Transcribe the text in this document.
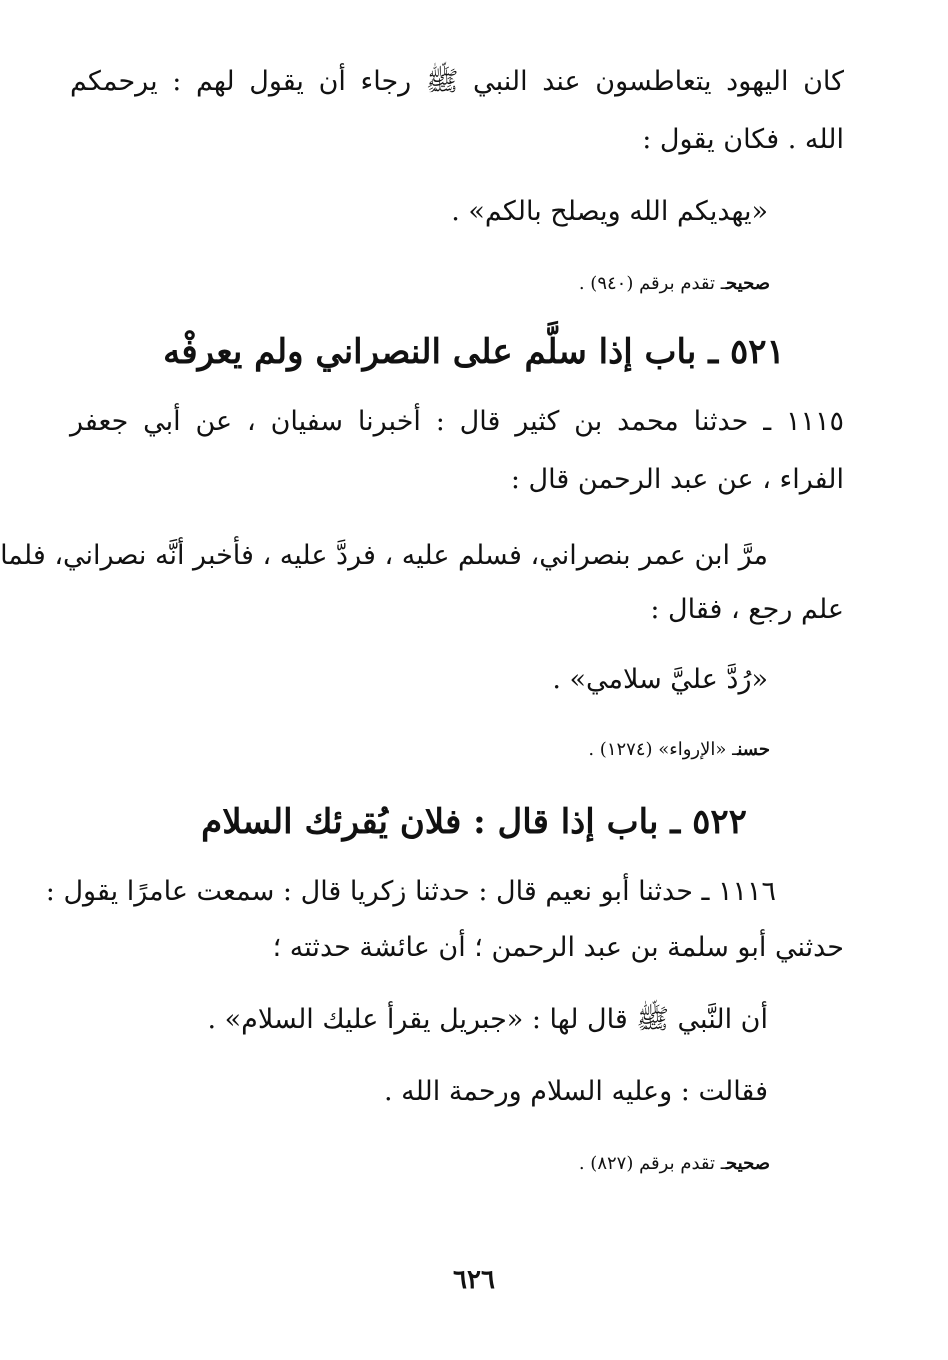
كان اليهود يتعاطسون عند النبي ﷺ رجاء أن يقول لهم : يرحمكم
الله . فكان يقول :
«يهديكم الله ويصلح بالكم» .
صحيحـ تقدم برقم (٩٤٠) .
٥٢١ ـ باب إذا سلَّم على النصراني ولم يعرفْه
١١١٥ ـ حدثنا محمد بن كثير قال : أخبرنا سفيان ، عن أبي جعفر
الفراء ، عن عبد الرحمن قال :
مرَّ ابن عمر بنصراني، فسلم عليه ، فردَّ عليه ، فأخبر أنَّه نصراني، فلما
علم رجع ، فقال :
«رُدَّ عليَّ سلامي» .
حسنـ «الإرواء» (١٢٧٤) .
٥٢٢ ـ باب إذا قال : فلان يُقرئك السلام
١١١٦ ـ حدثنا أبو نعيم قال : حدثنا زكريا قال : سمعت عامرًا يقول :
حدثني أبو سلمة بن عبد الرحمن ؛ أن عائشة حدثته ؛
أن النَّبي ﷺ قال لها : «جبريل يقرأ عليك السلام» .
فقالت : وعليه السلام ورحمة الله .
صحيحـ تقدم برقم (٨٢٧) .
٦٢٦
